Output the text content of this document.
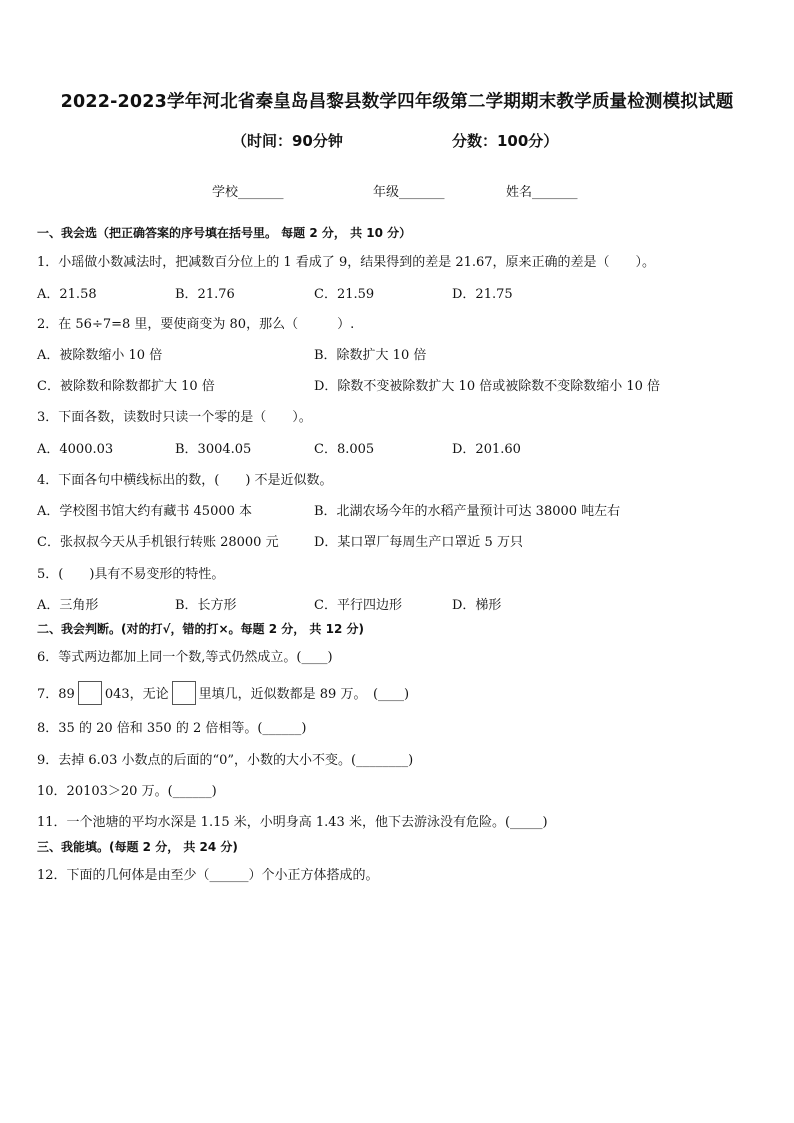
2022-2023学年河北省秦皇岛昌黎县数学四年级第二学期期末教学质量检测模拟试题
（时间：90分钟	分数：100分）
学校_______	年级_______	姓名_______
一、我会选（把正确答案的序号填在括号里。 每题 2 分， 共 10 分）
1．小瑶做小数减法时，把减数百分位上的 1 看成了 9，结果得到的差是 21.67，原来正确的差是（　　）。
A．21.58	B．21.76	C．21.59	D．21.75
2．在 56÷7=8 里，要使商变为 80，那么（　　　）.
A．被除数缩小 10 倍	B．除数扩大 10 倍
C．被除数和除数都扩大 10 倍	D．除数不变被除数扩大 10 倍或被除数不变除数缩小 10 倍
3．下面各数，读数时只读一个零的是（　　）。
A．4000.03	B．3004.05	C．8.005	D．201.60
4．下面各句中横线标出的数，(　　) 不是近似数。
A．学校图书馆大约有藏书 45000 本	B．北湖农场今年的水稻产量预计可达 38000 吨左右
C．张叔叔今天从手机银行转账 28000 元	D．某口罩厂每周生产口罩近 5 万只
5．(　　)具有不易变形的特性。
A．三角形	B．长方形	C．平行四边形	D．梯形
二、我会判断。(对的打√，错的打×。每题 2 分， 共 12 分)
6．等式两边都加上同一个数,等式仍然成立。(____)
7．89 043，无论 里填几，近似数都是 89 万。　(____)
8．35 的 20 倍和 350 的 2 倍相等。(______)
9．去掉 6.03 小数点的后面的“0”，小数的大小不变。(________)
10．20103＞20 万。(______)
11．一个池塘的平均水深是 1.15 米，小明身高 1.43 米，他下去游泳没有危险。(_____)
三、我能填。(每题 2 分， 共 24 分)
12．下面的几何体是由至少（______）个小正方体搭成的。
